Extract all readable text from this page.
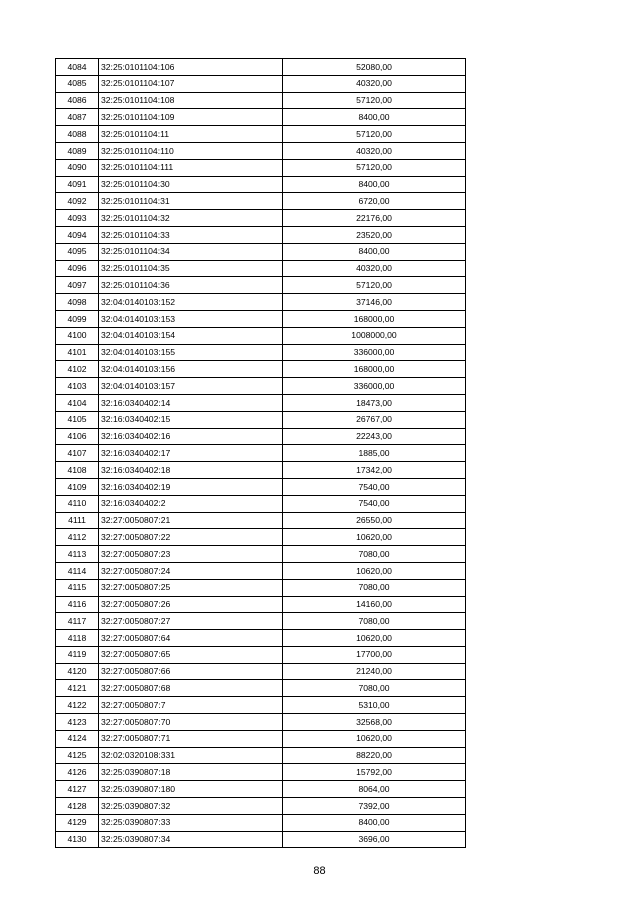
4084	32:25:0101104:106	52080,00
4085	32:25:0101104:107	40320,00
4086	32:25:0101104:108	57120,00
4087	32:25:0101104:109	8400,00
4088	32:25:0101104:11	57120,00
4089	32:25:0101104:110	40320,00
4090	32:25:0101104:111	57120,00
4091	32:25:0101104:30	8400,00
4092	32:25:0101104:31	6720,00
4093	32:25:0101104:32	22176,00
4094	32:25:0101104:33	23520,00
4095	32:25:0101104:34	8400,00
4096	32:25:0101104:35	40320,00
4097	32:25:0101104:36	57120,00
4098	32:04:0140103:152	37146,00
4099	32:04:0140103:153	168000,00
4100	32:04:0140103:154	1008000,00
4101	32:04:0140103:155	336000,00
4102	32:04:0140103:156	168000,00
4103	32:04:0140103:157	336000,00
4104	32:16:0340402:14	18473,00
4105	32:16:0340402:15	26767,00
4106	32:16:0340402:16	22243,00
4107	32:16:0340402:17	1885,00
4108	32:16:0340402:18	17342,00
4109	32:16:0340402:19	7540,00
4110	32:16:0340402:2	7540,00
4111	32:27:0050807:21	26550,00
4112	32:27:0050807:22	10620,00
4113	32:27:0050807:23	7080,00
4114	32:27:0050807:24	10620,00
4115	32:27:0050807:25	7080,00
4116	32:27:0050807:26	14160,00
4117	32:27:0050807:27	7080,00
4118	32:27:0050807:64	10620,00
4119	32:27:0050807:65	17700,00
4120	32:27:0050807:66	21240,00
4121	32:27:0050807:68	7080,00
4122	32:27:0050807:7	5310,00
4123	32:27:0050807:70	32568,00
4124	32:27:0050807:71	10620,00
4125	32:02:0320108:331	88220,00
4126	32:25:0390807:18	15792,00
4127	32:25:0390807:180	8064,00
4128	32:25:0390807:32	7392,00
4129	32:25:0390807:33	8400,00
4130	32:25:0390807:34	3696,00
88
